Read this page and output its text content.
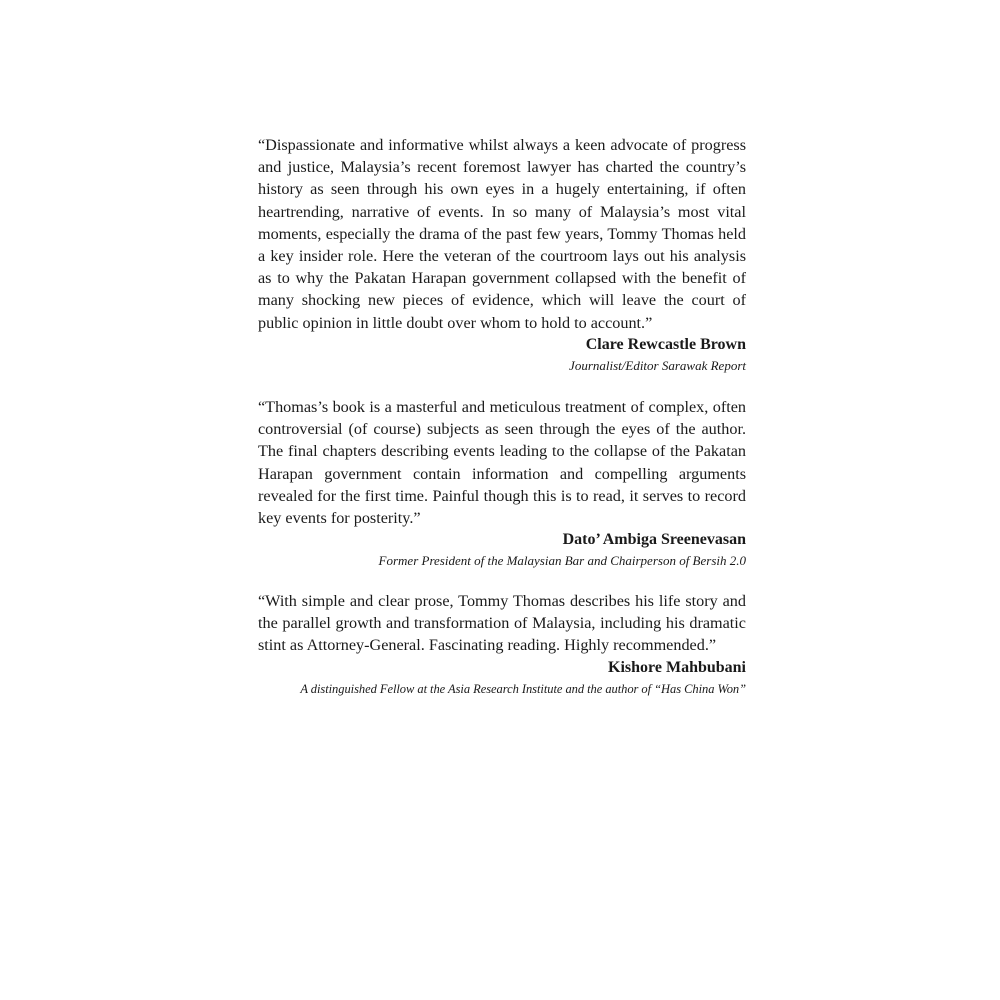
“Dispassionate and informative whilst always a keen advocate of progress and justice, Malaysia’s recent foremost lawyer has charted the country’s history as seen through his own eyes in a hugely entertaining, if often heartrending, narrative of events. In so many of Malaysia’s most vital moments, especially the drama of the past few years, Tommy Thomas held a key insider role. Here the veteran of the courtroom lays out his analysis as to why the Pakatan Harapan government collapsed with the benefit of many shocking new pieces of evidence, which will leave the court of public opinion in little doubt over whom to hold to account.”

Clare Rewcastle Brown

Journalist/Editor Sarawak Report

“Thomas’s book is a masterful and meticulous treatment of complex, often controversial (of course) subjects as seen through the eyes of the author. The final chapters describing events leading to the collapse of the Pakatan Harapan government contain information and compelling arguments revealed for the first time. Painful though this is to read, it serves to record key events for posterity.”

Dato’ Ambiga Sreenevasan

Former President of the Malaysian Bar and Chairperson of Bersih 2.0

“With simple and clear prose, Tommy Thomas describes his life story and the parallel growth and transformation of Malaysia, including his dramatic stint as Attorney-General. Fascinating reading. Highly recommended.”

Kishore Mahbubani

A distinguished Fellow at the Asia Research Institute and the author of “Has China Won”
